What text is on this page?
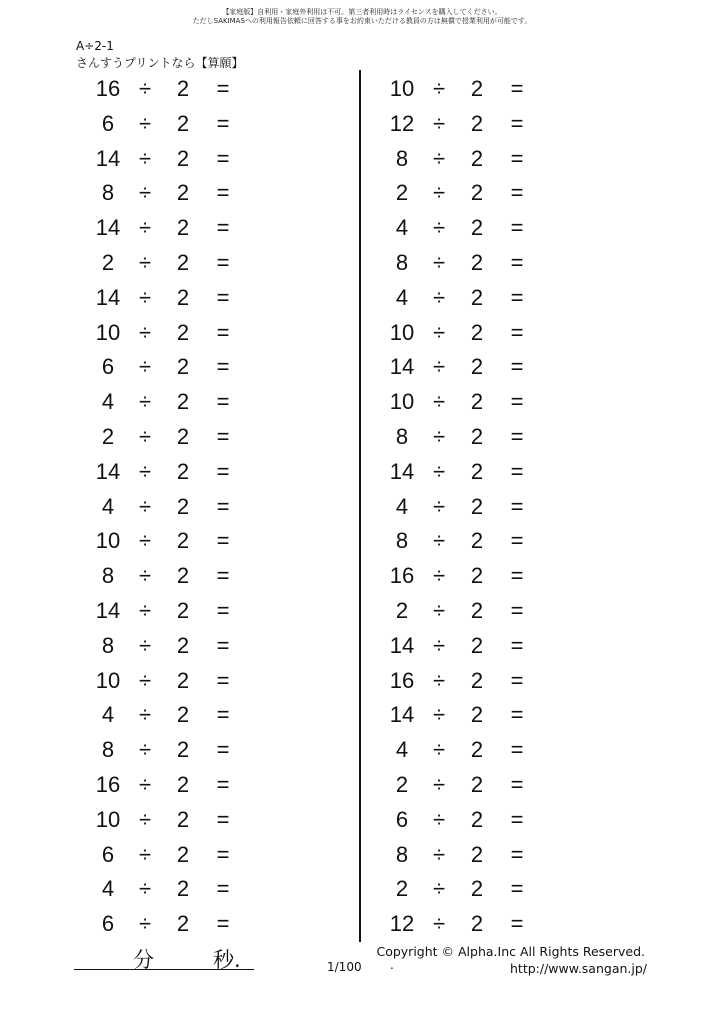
【家庭版】自利用・家庭外利用は不可。第三者利用時はライセンスを購入してください。
ただしSAKIMASへの利用報告依頼に回答する事をお約束いただける教員の方は無償で授業利用が可能です。
A÷2-1
さんすうプリントなら【算願】
16 ÷ 2 =
6	÷ 2 =
14 ÷ 2 =
8	÷ 2 =
14 ÷ 2 =
2	÷ 2 =
14 ÷ 2 =
10 ÷ 2 =
6	÷ 2 =
4	÷ 2 =
2	÷ 2 =
14 ÷ 2 =
4	÷ 2 =
10 ÷ 2 =
8	÷ 2 =
14 ÷ 2 =
8	÷ 2 =
10 ÷ 2 =
4	÷ 2 =
8	÷ 2 =
16 ÷ 2 =
10 ÷ 2 =
6	÷ 2 =
4	÷ 2 =
6	÷ 2 =
10 ÷ 2 =
12 ÷ 2 =
8	÷ 2 =
2	÷ 2 =
4	÷ 2 =
8	÷ 2 =
4	÷ 2 =
10 ÷ 2 =
14 ÷ 2 =
10 ÷ 2 =
8	÷ 2 =
14 ÷ 2 =
4	÷ 2 =
8	÷ 2 =
16 ÷ 2 =
2	÷ 2 =
14 ÷ 2 =
16 ÷ 2 =
14 ÷ 2 =
4	÷ 2 =
2	÷ 2 =
6	÷ 2 =
8	÷ 2 =
2	÷ 2 =
12 ÷ 2 =
分	秒.	1/100 .
Copyright © Alpha.Inc All Rights Reserved.
http://www.sangan.jp/
